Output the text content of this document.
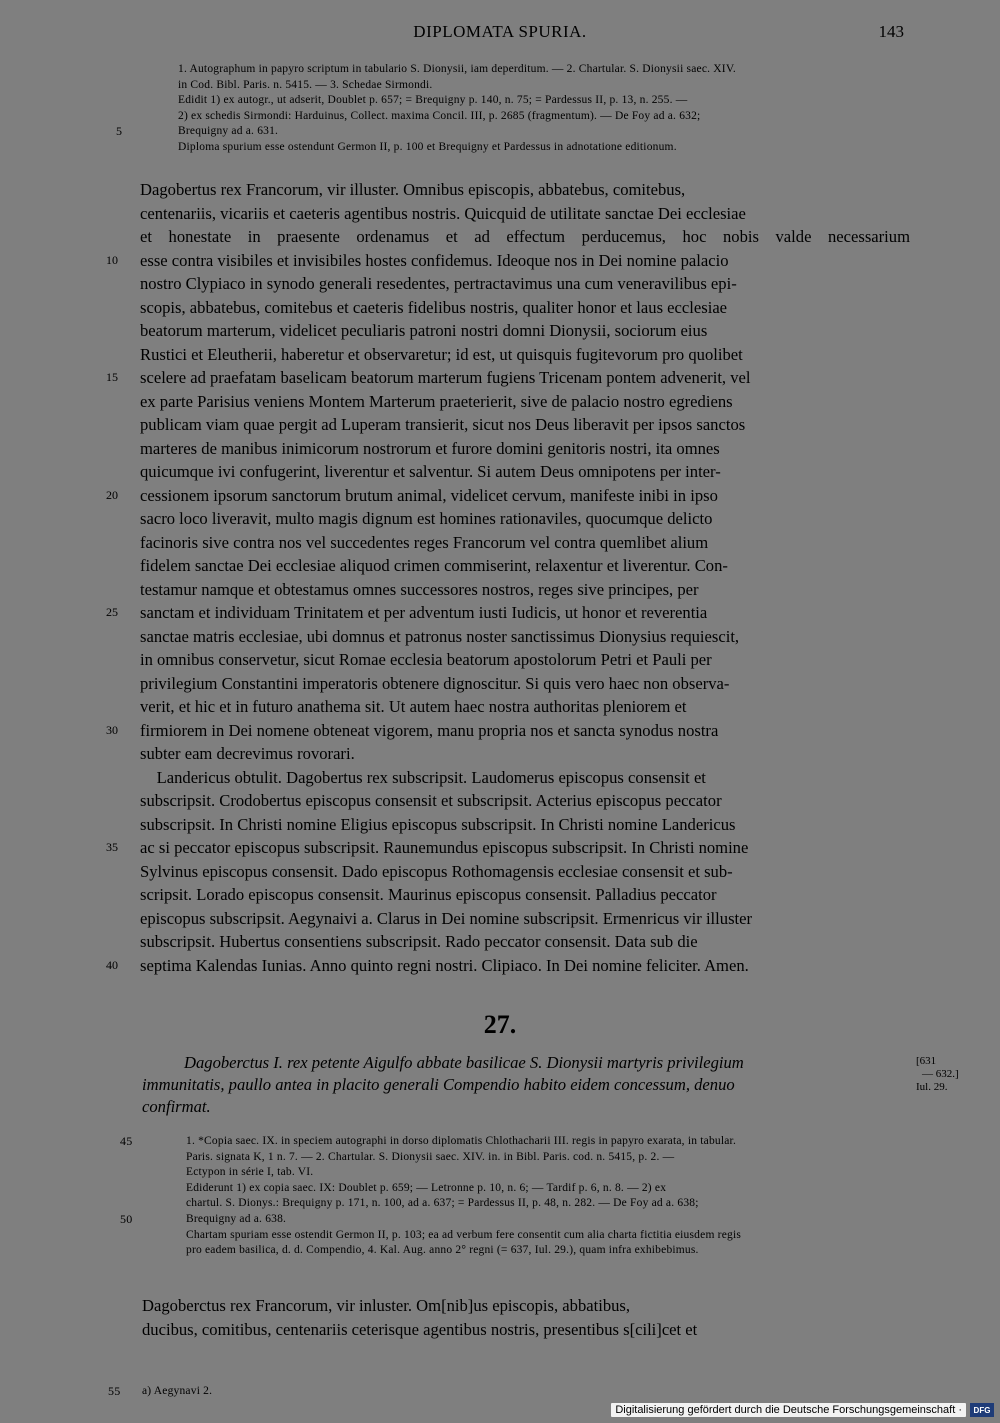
DIPLOMATA SPURIA.	143
1. Autographum in papyro scriptum in tabulario S. Dionysii, iam deperditum. — 2. Chartular. S. Dionysii saec. XIV.
in Cod. Bibl. Paris. n. 5415. — 3. Schedae Sirmondi.
Edidit 1) ex autogr., ut adserit, Doublet p. 657; = Brequigny p. 140, n. 75; = Pardessus II, p. 13, n. 255. —
2) ex schedis Sirmondi: Harduinus, Collect. maxima Concil. III, p. 2685 (fragmentum). — De Foy ad a. 632;
5	Brequigny ad a. 631.
Diploma spurium esse ostendunt Germon II, p. 100 et Brequigny et Pardessus in adnotatione editionum.
Dagobertus rex Francorum, vir illuster. Omnibus episcopis, abbatebus, comitebus,
centenariis, vicariis et caeteris agentibus nostris. Quicquid de utilitate sanctae Dei ecclesiae
et honestate in praesente ordenamus et ad effectum perducemus, hoc nobis valde necessarium
10	esse contra visibiles et invisibiles hostes confidemus. Ideoque nos in Dei nomine palacio
nostro Clypiaco in synodo generali resedentes, pertractavimus una cum veneravilibus epi-
scopis, abbatebus, comitebus et caeteris fidelibus nostris, qualiter honor et laus ecclesiae
beatorum marterum, videlicet peculiaris patroni nostri domni Dionysii, sociorum eius
Rustici et Eleutherii, haberetur et observaretur; id est, ut quisquis fugitevorum pro quolibet
15	scelere ad praefatam baselicam beatorum marterum fugiens Tricenam pontem advenerit, vel
ex parte Parisius veniens Montem Marterum praeterierit, sive de palacio nostro egrediens
publicam viam quae pergit ad Luperam transierit, sicut nos Deus liberavit per ipsos sanctos
marteres de manibus inimicorum nostrorum et furore domini genitoris nostri, ita omnes
quicumque ivi confugerint, liverentur et salventur. Si autem Deus omnipotens per inter-
20	cessionem ipsorum sanctorum brutum animal, videlicet cervum, manifeste inibi in ipso
sacro loco liveravit, multo magis dignum est homines rationaviles, quocumque delicto
facinoris sive contra nos vel succedentes reges Francorum vel contra quemlibet alium
fidelem sanctae Dei ecclesiae aliquod crimen commiserint, relaxentur et liverentur. Con-
testamur namque et obtestamus omnes successores nostros, reges sive principes, per
25	sanctam et individuam Trinitatem et per adventum iusti Iudicis, ut honor et reverentia
sanctae matris ecclesiae, ubi domnus et patronus noster sanctissimus Dionysius requiescit,
in omnibus conservetur, sicut Romae ecclesia beatorum apostolorum Petri et Pauli per
privilegium Constantini imperatoris obtenere dignoscitur. Si quis vero haec non observa-
verit, et hic et in futuro anathema sit. Ut autem haec nostra authoritas pleniorem et
30	firmiorem in Dei nomene obteneat vigorem, manu propria nos et sancta synodus nostra
subter eam decrevimus rovorari.
Landericus obtulit. Dagobertus rex subscripsit. Laudomerus episcopus consensit et
subscripsit. Crodobertus episcopus consensit et subscripsit. Acterius episcopus peccator
subscripsit. In Christi nomine Eligius episcopus subscripsit. In Christi nomine Landericus
35	ac si peccator episcopus subscripsit. Raunemundus episcopus subscripsit. In Christi nomine
Sylvinus episcopus consensit. Dado episcopus Rothomagensis ecclesiae consensit et sub-
scripsit. Lorado episcopus consensit. Maurinus episcopus consensit. Palladius peccator
episcopus subscripsit. Aegynaivi a. Clarus in Dei nomine subscripsit. Ermenricus vir illuster
subscripsit. Hubertus consentiens subscripsit. Rado peccator consensit. Data sub die
40	septima Kalendas Iunias. Anno quinto regni nostri. Clipiaco. In Dei nomine feliciter. Amen.
27.
Dagoberctus I. rex petente Aigulfo abbate basilicae S. Dionysii martyris privilegium
immunitatis, paullo antea in placito generali Compendio habito eidem concessum, denuo
confirmat.
[631
— 632.]
Iul. 29.
45	1. *Copia saec. IX. in speciem autographi in dorso diplomatis Chlothacharii III. regis in papyro exarata, in tabular.
Paris. signata K, 1 n. 7. — 2. Chartular. S. Dionysii saec. XIV. in. in Bibl. Paris. cod. n. 5415, p. 2. —
Ectypon in série I, tab. VI.
Ediderunt 1) ex copia saec. IX: Doublet p. 659; — Letronne p. 10, n. 6; — Tardif p. 6, n. 8. — 2) ex
chartul. S. Dionys.: Brequigny p. 171, n. 100, ad a. 637; = Pardessus II, p. 48, n. 282. — De Foy ad a. 638;
50	Brequigny ad a. 638.
Chartam spuriam esse ostendit Germon II, p. 103; ea ad verbum fere consentit cum alia charta fictitia eiusdem regis
pro eadem basilica, d. d. Compendio, 4. Kal. Aug. anno 2° regni (= 637, Iul. 29.), quam infra exhibebimus.
Dagoberctus rex Francorum, vir inluster. Om[nib]us episcopis, abbatibus,
ducibus, comitibus, centenariis ceterisque agentibus nostris, presentibus s[cili]cet et
55	a) Aegynavi 2.
Digitalisierung gefördert durch die Deutsche Forschungsgemeinschaft ·	DFG
